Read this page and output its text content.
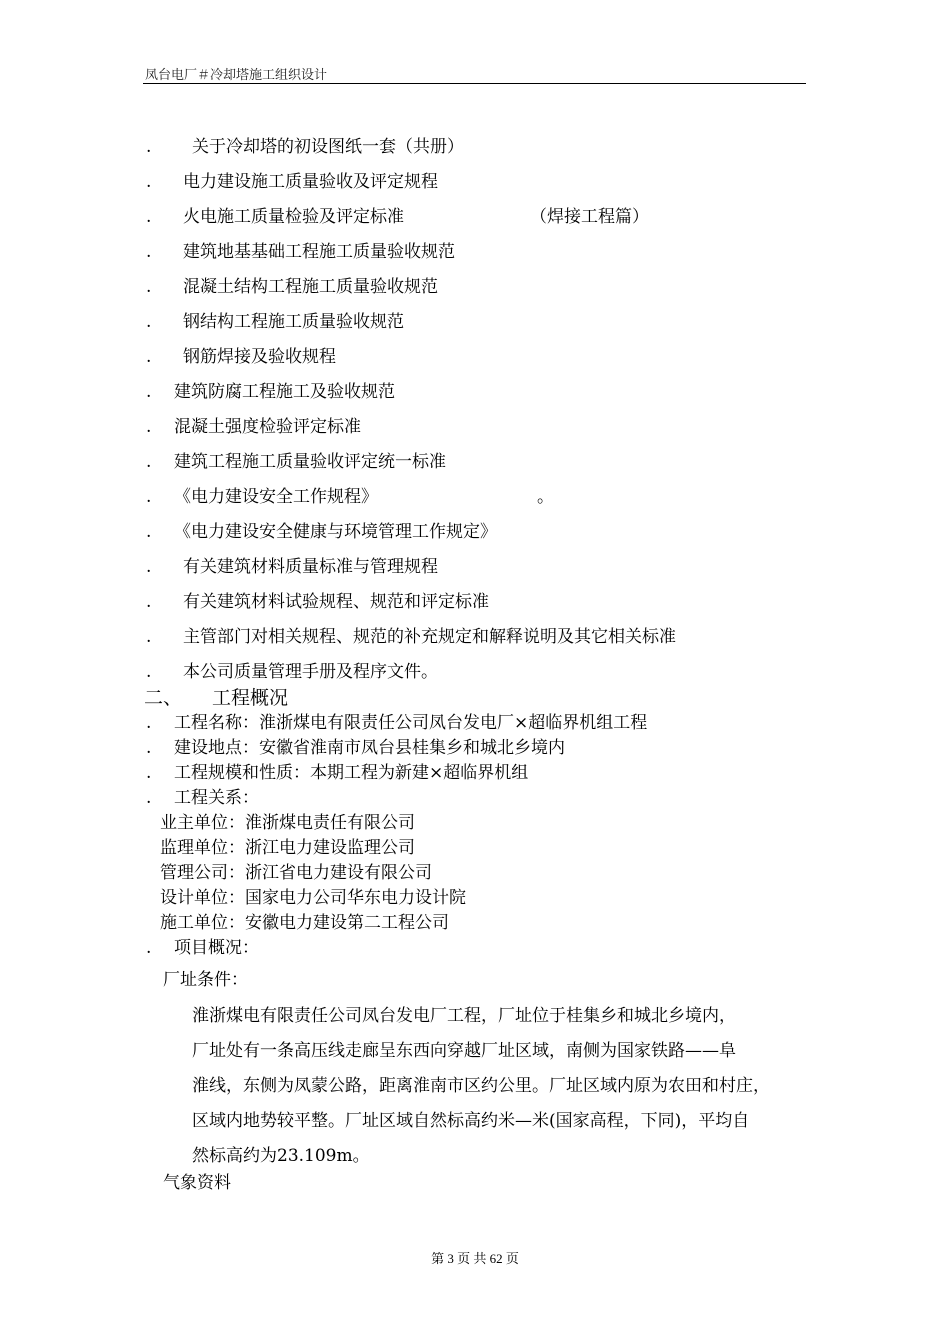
凤台电厂＃冷却塔施工组织设计
. 关于冷却塔的初设图纸一套（共册）
. 电力建设施工质量验收及评定规程
. 火电施工质量检验及评定标准	（焊接工程篇）
. 建筑地基基础工程施工质量验收规范
. 混凝土结构工程施工质量验收规范
. 钢结构工程施工质量验收规范
. 钢筋焊接及验收规程
. 建筑防腐工程施工及验收规范
. 混凝土强度检验评定标准
. 建筑工程施工质量验收评定统一标准
. 《电力建设安全工作规程》	。
. 《电力建设安全健康与环境管理工作规定》
. 有关建筑材料质量标准与管理规程
. 有关建筑材料试验规程、规范和评定标准
. 主管部门对相关规程、规范的补充规定和解释说明及其它相关标准
. 本公司质量管理手册及程序文件。
二、 工程概况
. 工程名称：淮浙煤电有限责任公司凤台发电厂×超临界机组工程
. 建设地点：安徽省淮南市凤台县桂集乡和城北乡境内
. 工程规模和性质：本期工程为新建×超临界机组
. 工程关系：
业主单位：淮浙煤电责任有限公司
监理单位：浙江电力建设监理公司
管理公司：浙江省电力建设有限公司
设计单位：国家电力公司华东电力设计院
施工单位：安徽电力建设第二工程公司
. 项目概况：
厂址条件：
淮浙煤电有限责任公司凤台发电厂工程，厂址位于桂集乡和城北乡境内，
厂址处有一条高压线走廊呈东西向穿越厂址区域，南侧为国家铁路——阜
淮线，东侧为凤蒙公路，距离淮南市区约公里。厂址区域内原为农田和村庄，
区域内地势较平整。厂址区域自然标高约米—米(国家高程，下同)，平均自
然标高约为23.109m。
气象资料
第 3 页 共 62 页
